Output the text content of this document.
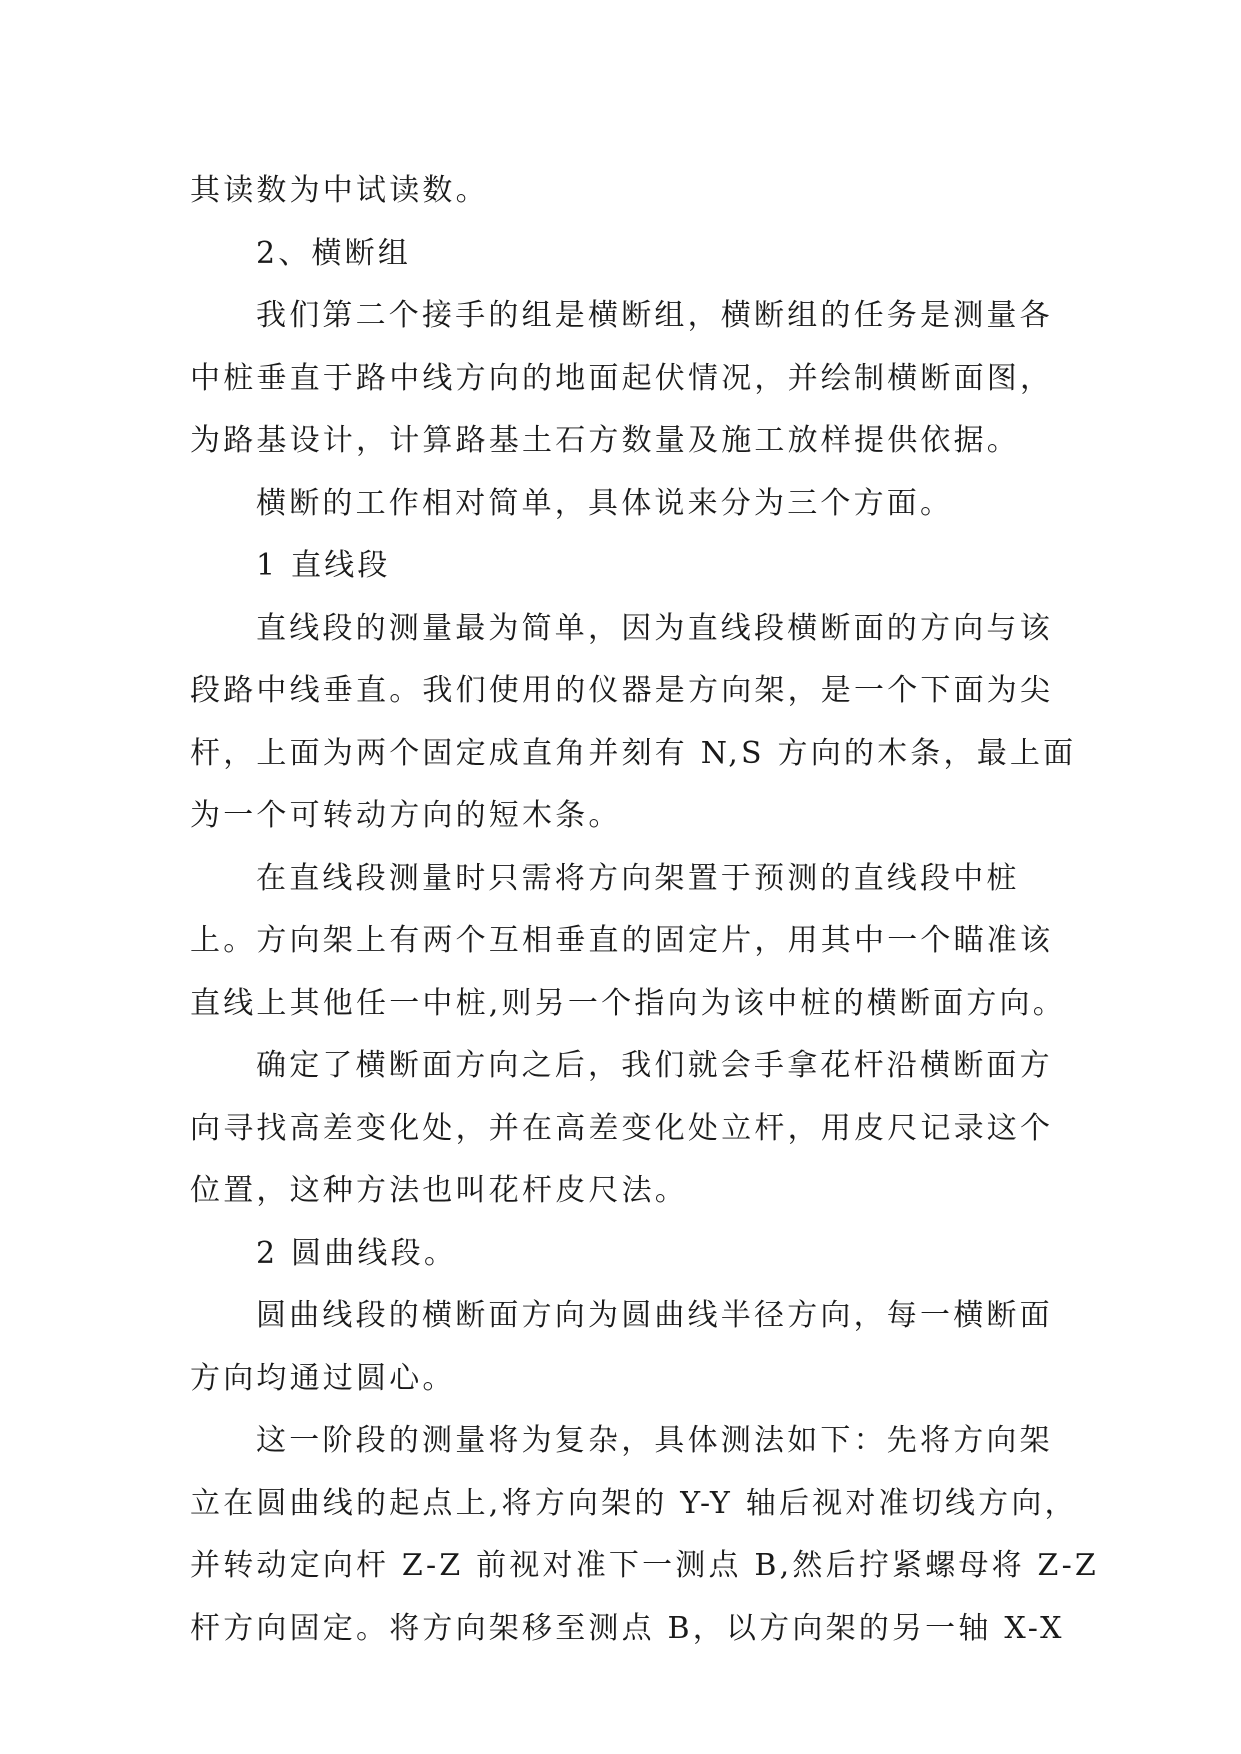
其读数为中试读数。

2、横断组

我们第二个接手的组是横断组，横断组的任务是测量各
中桩垂直于路中线方向的地面起伏情况，并绘制横断面图，
为路基设计，计算路基土石方数量及施工放样提供依据。

横断的工作相对简单，具体说来分为三个方面。

1 直线段

直线段的测量最为简单，因为直线段横断面的方向与该
段路中线垂直。我们使用的仪器是方向架，是一个下面为尖
杆，上面为两个固定成直角并刻有 N,S 方向的木条，最上面
为一个可转动方向的短木条。

在直线段测量时只需将方向架置于预测的直线段中桩
上。方向架上有两个互相垂直的固定片，用其中一个瞄准该
直线上其他任一中桩,则另一个指向为该中桩的横断面方向。

确定了横断面方向之后，我们就会手拿花杆沿横断面方
向寻找高差变化处，并在高差变化处立杆，用皮尺记录这个
位置，这种方法也叫花杆皮尺法。

2 圆曲线段。

圆曲线段的横断面方向为圆曲线半径方向，每一横断面
方向均通过圆心。

这一阶段的测量将为复杂，具体测法如下：先将方向架
立在圆曲线的起点上,将方向架的 Y-Y 轴后视对准切线方向，
并转动定向杆 Z-Z 前视对准下一测点 B,然后拧紧螺母将 Z-Z
杆方向固定。将方向架移至测点 B，以方向架的另一轴 X-X
